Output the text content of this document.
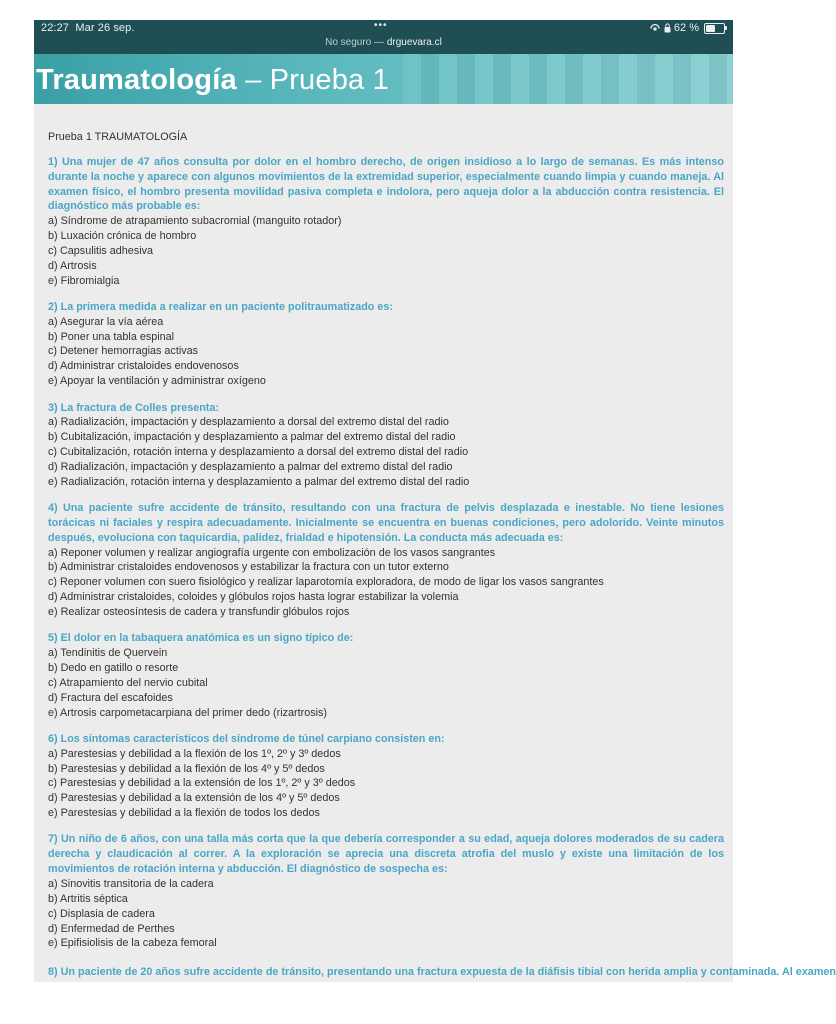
22:27 Mar 26 sep.	•••
No seguro — drguevara.cl
62 %
Traumatología – Prueba 1
Prueba 1 TRAUMATOLOGÍA
1) Una mujer de 47 años consulta por dolor en el hombro derecho, de origen insidioso a lo largo de semanas. Es más intenso durante la noche y aparece con algunos movimientos de la extremidad superior, especialmente cuando limpia y cuando maneja. Al examen físico, el hombro presenta movilidad pasiva completa e indolora, pero aqueja dolor a la abducción contra resistencia. El diagnóstico más probable es:
a) Síndrome de atrapamiento subacromial (manguito rotador)
b) Luxación crónica de hombro
c) Capsulitis adhesiva
d) Artrosis
e) Fibromialgia
2) La primera medida a realizar en un paciente politraumatizado es:
a) Asegurar la vía aérea
b) Poner una tabla espinal
c) Detener hemorragias activas
d) Administrar cristaloides endovenosos
e) Apoyar la ventilación y administrar oxígeno
3) La fractura de Colles presenta:
a) Radialización, impactación y desplazamiento a dorsal del extremo distal del radio
b) Cubitalización, impactación y desplazamiento a palmar del extremo distal del radio
c) Cubitalización, rotación interna y desplazamiento a dorsal del extremo distal del radio
d) Radialización, impactación y desplazamiento a palmar del extremo distal del radio
e) Radialización, rotación interna y desplazamiento a palmar del extremo distal del radio
4) Una paciente sufre accidente de tránsito, resultando con una fractura de pelvis desplazada e inestable. No tiene lesiones torácicas ni faciales y respira adecuadamente. Inicialmente se encuentra en buenas condiciones, pero adolorido. Veinte minutos después, evoluciona con taquicardia, palidez, frialdad e hipotensión. La conducta más adecuada es:
a) Reponer volumen y realizar angiografía urgente con embolización de los vasos sangrantes
b) Administrar cristaloides endovenosos y estabilizar la fractura con un tutor externo
c) Reponer volumen con suero fisiológico y realizar laparotomía exploradora, de modo de ligar los vasos sangrantes
d) Administrar cristaloides, coloides y glóbulos rojos hasta lograr estabilizar la volemia
e) Realizar osteosíntesis de cadera y transfundir glóbulos rojos
5) El dolor en la tabaquera anatómica es un signo típico de:
a) Tendinitis de Quervein
b) Dedo en gatillo o resorte
c) Atrapamiento del nervio cubital
d) Fractura del escafoides
e) Artrosis carpometacarpiana del primer dedo (rizartrosis)
6) Los síntomas característicos del síndrome de túnel carpiano consisten en:
a) Parestesias y debilidad a la flexión de los 1º, 2º y 3º dedos
b) Parestesias y debilidad a la flexión de los 4º y 5º dedos
c) Parestesias y debilidad a la extensión de los 1º, 2º y 3º dedos
d) Parestesias y debilidad a la extensión de los 4º y 5º dedos
e) Parestesias y debilidad a la flexión de todos los dedos
7) Un niño de 6 años, con una talla más corta que la que debería corresponder a su edad, aqueja dolores moderados de su cadera derecha y claudicación al correr. A la exploración se aprecia una discreta atrofia del muslo y existe una limitación de los movimientos de rotación interna y abducción. El diagnóstico de sospecha es:
a) Sinovitis transitoria de la cadera
b) Artritis séptica
c) Displasia de cadera
d) Enfermedad de Perthes
e) Epifisiolisis de la cabeza femoral
8) Un paciente de 20 años sufre accidente de tránsito, presentando una fractura expuesta de la diáfisis tibial con herida amplia y contaminada. Al examen
